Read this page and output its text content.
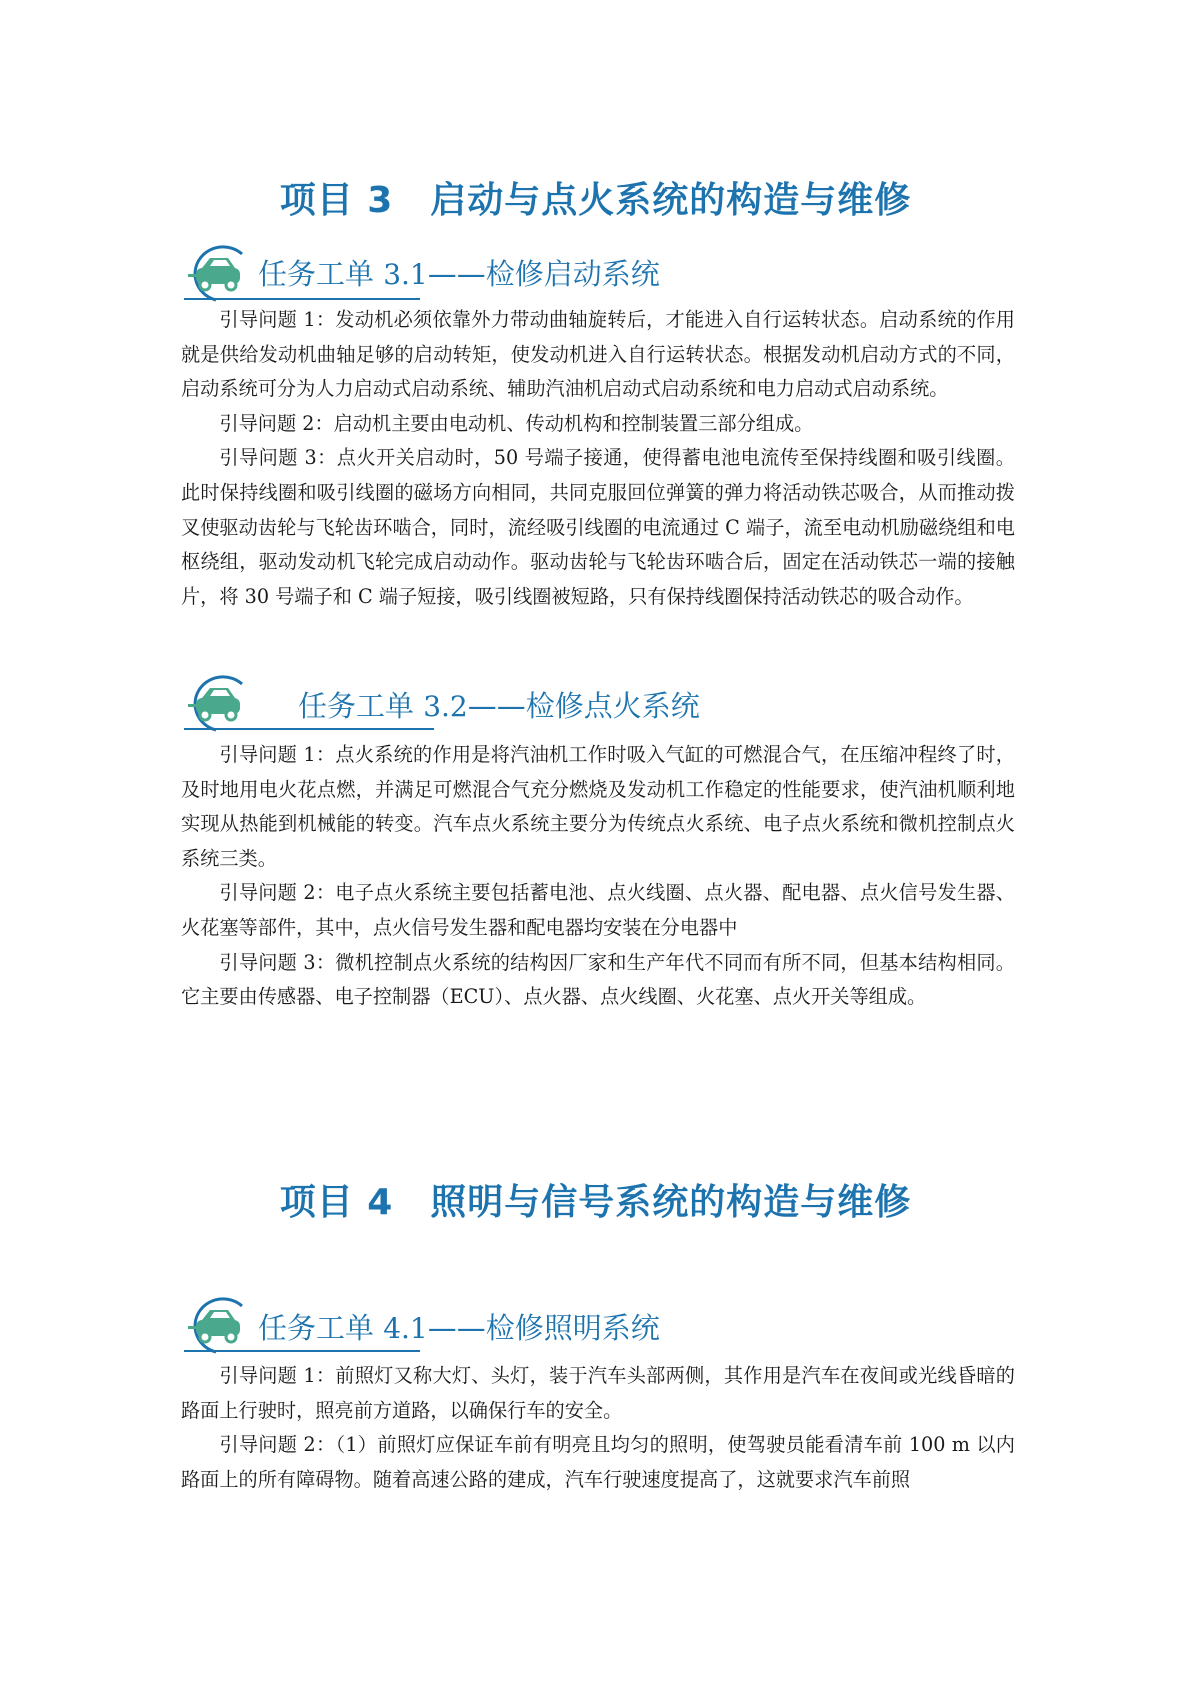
项目 3　启动与点火系统的构造与维修
任务工单 3.1——检修启动系统

引导问题 1：发动机必须依靠外力带动曲轴旋转后，才能进入自行运转状态。启动系统的作用就是供给发动机曲轴足够的启动转矩，使发动机进入自行运转状态。根据发动机启动方式的不同，启动系统可分为人力启动式启动系统、辅助汽油机启动式启动系统和电力启动式启动系统。

引导问题 2：启动机主要由电动机、传动机构和控制装置三部分组成。

引导问题 3：点火开关启动时，50 号端子接通，使得蓄电池电流传至保持线圈和吸引线圈。此时保持线圈和吸引线圈的磁场方向相同，共同克服回位弹簧的弹力将活动铁芯吸合，从而推动拨叉使驱动齿轮与飞轮齿环啮合，同时，流经吸引线圈的电流通过 C 端子，流至电动机励磁绕组和电枢绕组，驱动发动机飞轮完成启动动作。驱动齿轮与飞轮齿环啮合后，固定在活动铁芯一端的接触片，将 30 号端子和 C 端子短接，吸引线圈被短路，只有保持线圈保持活动铁芯的吸合动作。

任务工单 3.2——检修点火系统

引导问题 1：点火系统的作用是将汽油机工作时吸入气缸的可燃混合气，在压缩冲程终了时，及时地用电火花点燃，并满足可燃混合气充分燃烧及发动机工作稳定的性能要求，使汽油机顺利地实现从热能到机械能的转变。汽车点火系统主要分为传统点火系统、电子点火系统和微机控制点火系统三类。

引导问题 2：电子点火系统主要包括蓄电池、点火线圈、点火器、配电器、点火信号发生器、火花塞等部件，其中，点火信号发生器和配电器均安装在分电器中

引导问题 3：微机控制点火系统的结构因厂家和生产年代不同而有所不同，但基本结构相同。它主要由传感器、电子控制器（ECU）、点火器、点火线圈、火花塞、点火开关等组成。

项目 4　照明与信号系统的构造与维修
任务工单 4.1——检修照明系统

引导问题 1：前照灯又称大灯、头灯，装于汽车头部两侧，其作用是汽车在夜间或光线昏暗的路面上行驶时，照亮前方道路，以确保行车的安全。

引导问题 2：（1）前照灯应保证车前有明亮且均匀的照明，使驾驶员能看清车前 100 m 以内路面上的所有障碍物。随着高速公路的建成，汽车行驶速度提高了，这就要求汽车前照
